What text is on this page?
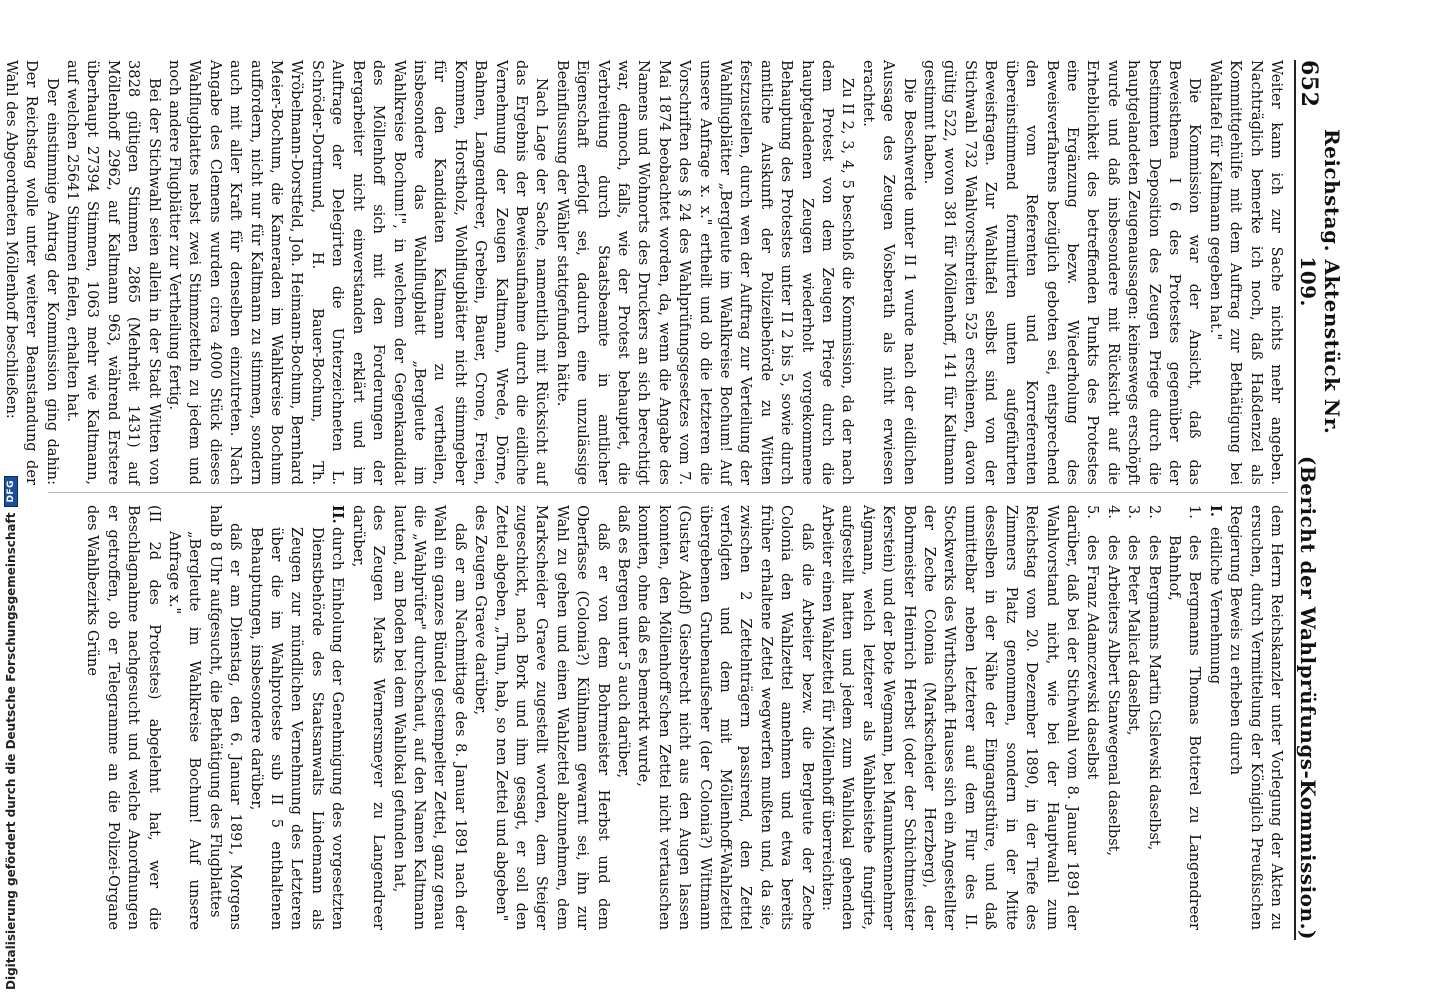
652
Reichstag. Aktenstück Nr. 109.
(Bericht der Wahlprüfungs-Kommission.)

Weiter kann ich zur Sache nichts mehr angeben. Nachträglich bemerke ich noch, daß Haßdenzel als Kommittgehülfe mit dem Auftrag zur Bethätigung bei Wahltafel für Kaltmann gegeben hat."

Die Kommission war der Ansicht, daß das Beweisthema I 6 des Protestes gegenüber der bestimmten Deposition des Zeugen Priege durch die hauptgelandeten Zeugenaussagen: keineswegs erschöpft wurde und daß insbesondere mit Rücksicht auf die Erheblichkeit des betreffenden Punkts des Protestes eine Ergänzung bezw. Wiederholung des Beweisverfahrens bezüglich geboten sei, entsprechend den vom Referenten und Korreferenten übereinstimmend formulirten unten aufgeführten Beweisfragen. Zur Wahltafel selbst sind von der Stichwahl 732 Wahlvorschreiten 525 erschienen, davon gültig 522, wovon 381 für Möllenhoff, 141 für Kaltmann gestimmt haben.

Die Beschwerde unter II 1 wurde nach der eidlichen Aussage des Zeugen Vosberath als nicht erwiesen erachtet.

Zu II 2, 3, 4, 5 beschloß die Kommission, da der nach dem Protest von dem Zeugen Priege durch die hauptgeladenen Zeugen wiederholt vorgekommene Behauptung des Protestes unter II 2 bis 5, sowie durch amtliche Auskunft der Polizeibehörde zu Witten festzustellen, durch wen der Auftrag zur Verteilung der Wahlflugblätter „Bergleute im Wahlkreise Bochum! Auf unsere Anfrage x. x." ertheilt und ob die letzteren die Vorschriften des § 24 des Wahlprüfungsgesetzes vom 7. Mai 1874 beobachtet worden, da, wenn die Angabe des Namens und Wohnorts des Druckers an sich berechtigt war, dennoch, falls, wie der Protest behauptet, die Verbreitung durch Staatsbeamte in amtlicher Eigenschaft erfolgt sei, dadurch eine unzulässige Beeinflussung der Wähler stattgefunden hätte.

Nach Lage der Sache, namentlich mit Rücksicht auf das Ergebnis der Beweisaufnahme durch die eidliche Vernehmung der Zeugen Kaltmann, Wrede, Dörne, Bahnen, Langendreer, Grebein, Bauer, Crone, Freien, Kommen, Horstholz, Wohlflugblätter nicht stimmgeber für den Kandidaten Kaltmann zu vertheilen, insbesondere das Wahlflugblatt „Bergleute im Wahlkreise Bochum!", in welchem der Gegenkandidat des Möllenhoff sich mit den Forderungen der Bergarbeiter nicht einverstanden erklärt und im Auftrage der Delegirten die Unterzeichneten L. Schröder-Dortmund, H. Bauer-Bochum, Th. Wröbelmann-Dorstfeld, Joh. Heimann-Bochum, Bernhard Meier-Bochum, die Kameraden im Wahlkreise Bochum auffordern, nicht nur für Kaltmann zu stimmen, sondern auch mit aller Kraft für denselben einzutreten. Nach Angabe des Clemens wurden circa 4000 Stück dieses Wahlflugblattes nebst zwei Stimmzetteln zu jedem und noch andere Flugblätter zur Vertheilung fertig.

Bei der Stichwahl seien allein in der Stadt Witten von 3828 gültigen Stimmen 2865 (Mehrheit 1431) auf Möllenhoff 2962, auf Kaltmann 963, während Erstere überhaupt 27394 Stimmen, 1063 mehr wie Kaltmann, auf welchen 25641 Stimmen fielen, erhalten hat.

Der einstimmige Antrag der Kommission ging dahin: Der Reichstag wolle unter weiterer Beanstandung der Wahl des Abgeordneten Möllenhoff beschließen:

dem Herrn Reichskanzler unter Vorlegung der Akten zu ersuchen, durch Vermittelung der Königlich Preußischen Regierung Beweis zu erheben durch

I.
eidliche Vernehmung
1.
des Bergmanns Thomas Botterel zu Langendreer Bahnhof,
2.
des Bergmanns Martin Cislewski daselbst,
3.
des Peter Malicat daselbst,
4.
des Arbeiters Albert Stanwegenal daselbst,
5.
des Franz Adamczewski daselbst

darüber, daß bei der Stichwahl vom 8. Januar 1891 der Wahlvorstand nicht, wie bei der Hauptwahl zum Reichstag vom 20. Dezember 1890, in der Tiefe des Zimmers Platz genommen, sondern in der Mitte desselben in der Nähe der Eingangsthüre, und daß unmittelbar neben letzterer auf dem Flur des II. Stockwerks des Wirthschaft Hauses sich ein Angestellter der Zeche Colonia (Markscheider Herzberg), der Bohrmeister Heinrich Herbst (oder der Schichtmeister Kerstein) und der Bote Wegmann, bei Manumkennehmer Aigmann, welch letzterer als Wahlbeistehe fungirte, aufgestellt hatten und jedem zum Wahllokal gehenden Arbeiter einen Wahlzettel für Möllenhoff überreichten:

daß die Arbeiter bezw. die Bergleute der Zeche Colonia den Wahlzettel annehmen und etwa bereits früher erhaltene Zettel wegwerfen mußten und, da sie, zwischen 2 Zettelnträgern passirend, den Zettel verfolgten und dem mit Möllenhoff-Wahlzettel übergebenen Grubenaufseher (der Colonia?) Wittmann (Gustav Adolf) Giesbrecht nicht aus den Augen lassen konnten, den Möllenhoff'schen Zettel nicht vertauschen konnten, ohne daß es bemerkt wurde,

daß es Bergen unter 5 auch darüber,

daß er von dem Bohrmeister Herbst und dem Oberfasse (Colonia?) Kühlmann gewarnt sei, ihn zur Wahl zu gehen und einen Wahlzettel abzunehmen, dem Markscheider Graeve zugestellt worden, dem Steiger zugeschickt, nach Bork und ihm gesagt, er soll den Zettel abgeben, „Thun, hab, so nen Zettel und abgeben"

des Zeugen Graeve darüber,

daß er am Nachmittage des 8. Januar 1891 nach der Wahl ein ganzes Bündel gestempelter Zettel, ganz genau die „Wahlprüfer" durchschaut, auf den Namen Kaltmann lautend, am Boden bei dem Wahllokal gefunden hat,

des Zeugen Marks Wernersmeyer zu Langendreer darüber,

II.
durch Einholung der Genehmigung des vorgesetzten Dienstbehörde des Staatsanwalts Lindemann als Zeugen zur mündlichen Vernehmung des Letzteren über die im Wahlproteste sub II 5 enthaltenen Behauptungen, insbesondere darüber,

daß er am Dienstag, den 6. Januar 1891, Morgens halb 8 Uhr aufgesucht, die Bethätigung des Flugblattes

„Bergleute im Wahlkreise Bochum! Auf unsere Anfrage x."

(II 2d des Protestes) abgelehnt hat, wer die Beschlagnahme nachgesucht und welche Anordnungen er getroffen, ob er Telegramme an die Polizei-Organe des Wahlbezirks Grüne

Digitalisierung gefördert durch die Deutsche Forschungsgemeinschaft
DFG
